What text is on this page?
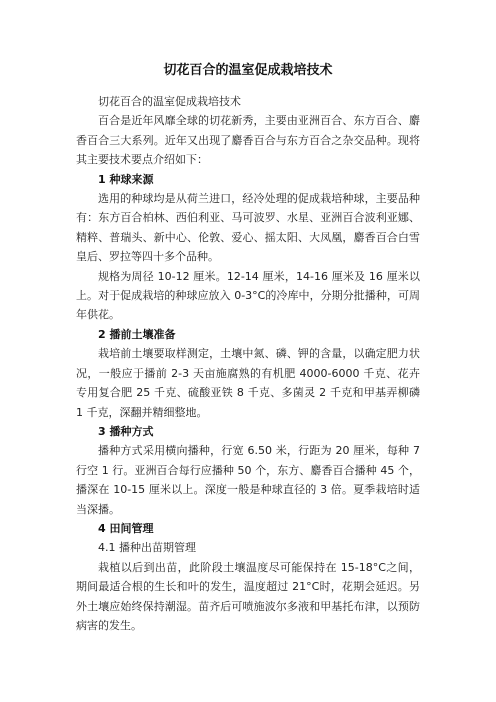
切花百合的温室促成栽培技术

切花百合的温室促成栽培技术

百合是近年风靡全球的切花新秀，主要由亚洲百合、东方百合、麝香百合三大系列。近年又出现了麝香百合与东方百合之杂交品种。现将其主要技术要点介绍如下：

1 种球来源

选用的种球均是从荷兰进口，经冷处理的促成栽培种球，主要品种有：东方百合柏林、西伯利亚、马可波罗、水星、亚洲百合波利亚娜、精粹、普瑞头、新中心、伦敦、爱心、摇太阳、大凤凰，麝香百合白雪皇后、罗拉等四十多个品种。

规格为周径 10-12 厘米。12-14 厘米，14-16 厘米及 16 厘米以上。对于促成栽培的种球应放入 0-3°C的冷库中，分期分批播种，可周年供花。

2 播前土壤准备

栽培前土壤要取样测定，土壤中氮、磷、钾的含量，以确定肥力状况，一般应于播前 2-3 天亩施腐熟的有机肥 4000-6000 千克、花卉专用复合肥 25 千克、硫酸亚铁 8 千克、多菌灵 2 千克和甲基弄柳磷 1 千克，深翻并精细整地。

3 播种方式

播种方式采用横向播种，行宽 6.50 米，行距为 20 厘米，每种 7 行空 1 行。亚洲百合每行应播种 50 个，东方、麝香百合播种 45 个，播深在 10-15 厘米以上。深度一般是种球直径的 3 倍。夏季栽培时适当深播。

4 田间管理

4.1 播种出苗期管理

栽植以后到出苗，此阶段土壤温度尽可能保持在 15-18°C之间，期间最适合根的生长和叶的发生，温度超过 21°C时，花期会延迟。另外土壤应始终保持潮湿。苗齐后可喷施波尔多液和甲基托布津，以预防病害的发生。
